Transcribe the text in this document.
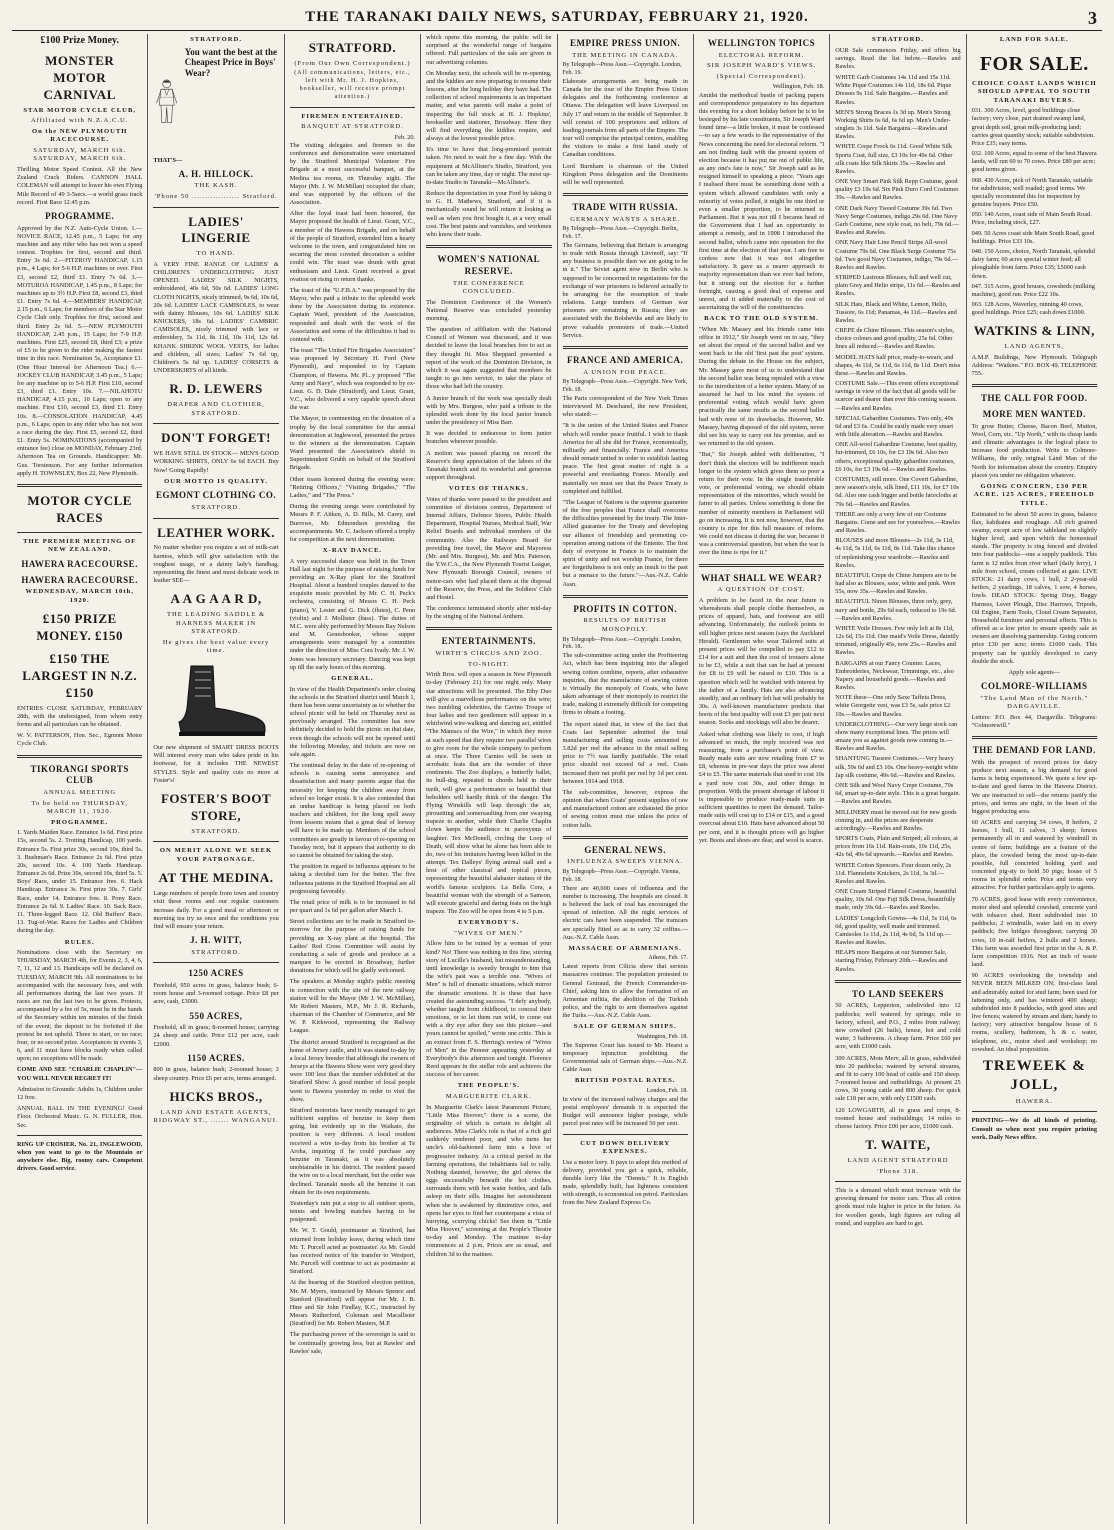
THE TARANAKI DAILY NEWS, SATURDAY, FEBRUARY 21, 1920.	3
£100 Prize Money.
MONSTER MOTOR CARNIVAL
STAR MOTOR CYCLE CLUB,
Affiliated with N.Z.A.C.U.
On the NEW PLYMOUTH RACECOURSE.
SATURDAY, MARCH 6th. SATURDAY, MARCH 6th.

Thrilling Motor Speed Contest. All the New Zealand Crack Riders. CANNON HALL COLEMAN will attempt to lower his own Flying Mile Record of 49 3-5secs.—a world grass track record. First Race 12.45 p.m.

PROGRAMME.

Approved by the N.Z. Auto-Cycle Union. 1.—NOVICE RACE, 12.45 p.m., 5 Laps; for any machine and any rider who has not won a speed contest. Trophies for first, second and third. Entry 3s 6d. 2.—FITZROY HANDICAP, 1.15 p.m., 4 Laps; for 5-6 H.P. machines or over. First £3, second £2, third £1. Entry 7s 6d. 3.—MOTUROA HANDICAP, 1.45 p.m., 8 Laps; for machines up to 3½ H.P. First £8, second £3, third £1. Entry 7s 6d. 4.—MEMBERS' HANDICAP, 2.15 p.m., 6 Laps; for members of the Star Motor Cycle Club only. Trophies for first, second and third. Entry 2s 6d. 5.—NEW PLYMOUTH HANDICAP, 2.45 p.m., 15 Laps; for 7-9 H.P. machines. First £25, second £8, third £3; a prize of £5 to be given to the rider making the fastest time in this race. Nomination 5s, Acceptance £1. (One Hour Interval for Afternoon Tea.) 6.—JOCKEY CLUB HANDICAP, 3.45 p.m., 5 Laps; for any machine up to 5-6 H.P. First £10, second £3, third £1. Entry 10s. 7.—NILAHOTU HANDICAP, 4.15 p.m., 10 Laps; open to any machine. First £10, second £3, third £1. Entry 10s. 8.—CONSOLATION HANDICAP, 4.45 p.m., 6 Laps; open to any rider who has not won a race during the day. First £5, second £2, third £1. Entry 5s. NOMINATIONS (accompanied by entrance fee) close on MONDAY, February 23rd. Afternoon Tea on Grounds. Handicapper: Mr. Gus. Torstenson. For any further information apply H. TOWNSLEY, Box 22, New Plymouth.

MOTOR CYCLE RACES
THE PREMIER MEETING OF NEW ZEALAND.
HAWERA RACECOURSE.
HAWERA RACECOURSE.
WEDNESDAY, MARCH 10th, 1920.
£150 PRIZE MONEY. £150
£150 THE LARGEST IN N.Z. £150

ENTRIES CLOSE SATURDAY, FEBRUARY 28th, with the undersigned, from whom entry forms and all particulars can be obtained.

W. V. PATTERSON, Hon. Sec., Egmont Motor Cycle Club.

TIKORANGI SPORTS CLUB
ANNUAL MEETING
To be held on THURSDAY, MARCH 11, 1920.
PROGRAMME.

1. Yards Maiden Race. Entrance 1s 6d. First prize 15s, second 5s. 2. Trotting Handicap, 100 yards. Entrance 5s. First prize 30s, second 10s, third 5s. 3. Bushman's Race. Entrance 2s 6d. First prize 20s, second 10s. 4. 100 Yards Handicap. Entrance 2s 6d. Prize 30s, second 10s, third 5s. 5. Boys' Race, under 15. Entrance free. 6. Hack Handicap. Entrance 3s. First prize 30s. 7. Girls' Race, under 14. Entrance free. 8. Pony Race. Entrance 2s 6d. 9. Ladies' Race. 10. Sack Race. 11. Three-legged Race. 12. Old Buffers' Race. 13. Tug-of-War. Races for Ladies and Children during the day.

RULES.

Nominations close with the Secretary on THURSDAY, MARCH 4th, for Events 2, 3, 4, 6, 7, 11, 12 and 13. Handicaps will be declared on TUESDAY, MARCH 9th. All nominations to be accompanied with the necessary fees, and with all performances during the last two years. If races are run the last two to be given. Protests, accompanied by a fee of 5s, must be in the hands of the Secretary within ten minutes of the finish of the event; the deposit to be forfeited if the protest be not upheld. Three to start, or no race; four, or no second prize. Acceptances in events 3, 6, and 11 must have blocks ready when called upon; no exceptions will be made.

COME AND SEE "CHARLIE CHAPLIN"—YOU WILL NEVER REGRET IT!

Admission to Grounds: Adults 1s, Children under 12 free.

ANNUAL BALL IN THE EVENING! Good Floor. Orchestral Music. G. N. FULLER, Hon. Sec.

RING UP CROSIER, No. 21, INGLEWOOD, when you want to go to the Mountain or anywhere else. Big, roomy cars. Competent drivers. Good service.

STRATFORD.
You want the best at the Cheapest Price in Boys' Wear?
THAT'S—
A. H. HILLOCK.
THE KASH.
'Phone 50 .................. Stratford.
LADIES' LINGERIE
TO HAND.

A VERY FINE RANGE OF LADIES' & CHILDREN'S UNDERCLOTHING JUST OPENED. LADIES' SILK NIGHTS, embroidered, 40s 6d, 50s 6d. LADIES' LONG CLOTH NIGHTS, nicely trimmed, 9s 6d, 10s 6d, 20s 6d. LADIES' LACE CAMISOLES, to wear with dainty Blouses, 10s 6d. LADIES' SILK KNICKERS, 18s 6d. LADIES' CAMBRIC CAMISOLES, nicely trimmed with lace or embroidery, 5s 11d, 8s 11d, 10s 11d, 12s 6d. KHANK SHRINK WOOL VESTS, for ladies and children, all sizes; Ladies' 7s 6d up, Children's 5s 6d up. LADIES' CORSETS & UNDERSKIRTS of all kinds.

R. D. LEWERS
DRAPER AND CLOTHIER, STRATFORD.
DON'T FORGET!

WE HAVE STILL IN STOCK— MEN'S GOOD WORKING SHIRTS, ONLY 6s 6d EACH. Buy Now! Going Rapidly!

OUR MOTTO IS QUALITY.
EGMONT CLOTHING CO.
STRATFORD.
LEATHER WORK.

No matter whether you require a set of milk-cart harness, which will give satisfaction with the roughest usage, or a dainty lady's handbag, representing the finest and most delicate work in leather SEE—

A A G A A R D,
THE LEADING SADDLE & HARNESS MAKER IN STRATFORD.
He gives the best value every time.

Our new shipment of SMART DRESS BOOTS Will interest every man who takes pride in his footwear, for it includes THE NEWEST STYLES. Style and quality cuts no more at Foster's!

FOSTER'S BOOT STORE,
STRATFORD.
ON MERIT ALONE WE SEEK YOUR PATRONAGE.
AT THE MEDINA.

Large numbers of people from town and country visit these rooms and our regular customers increase daily. For a good meal or afternoon or morning tea try us once and the conditions you find will ensure your return.

J. H. WITT,
STRATFORD.
1250 ACRES

Freehold, 950 acres in grass, balance bush; 6-room house and 3-roomed cottage. Price £8 per acre, cash, £3000.

550 ACRES,

Freehold, all in grass; 8-roomed house; carrying 24 sheep and cattle. Price £12 per acre, cash £2000.

1150 ACRES.

800 in grass, balance bush; 2-roomed house; 3 sheep country. Price £6 per acre, terms arranged.

HICKS BROS.,
LAND AND ESTATE AGENTS, RIDGWAY ST., ....... WANGANUI.
STRATFORD.
(From Our Own Correspondent.)
(All communications, letters, etc., left with Mr. H. J. Hopkins, bookseller, will receive prompt attention.)
FIREMEN ENTERTAINED.
BANQUET AT STRATFORD.
Feb. 20.

The visiting delegates and firemen to the conference and demonstration were entertained by the Stratford Municipal Volunteer Fire Brigade at a most successful banquet, at the Medina tea rooms, on Thursday night. The Mayor (Mr. J. W. McMillan) occupied the chair, and was supported by the officers of the Association.

After the loyal toast had been honored, the Mayor proposed the health of Lieut. Grant, V.C., a member of the Hawera Brigade, and on behalf of the people of Stratford, extended him a hearty welcome to the town, and congratulated him on securing the most coveted decoration a soldier could win. The toast was drunk with great enthusiasm and Lieut. Grant received a great ovation on rising to return thanks.

The toast of the "U.F.B.A." was proposed by the Mayor, who paid a tribute to the splendid work done by the Association during its existence. Captain Ward, president of the Association, responded and dealt with the work of the Association and some of the difficulties it had to contend with.

The toast "The United Fire Brigades Association" was proposed by Secretary H. Ford (New Plymouth), and responded to by Captain Champion, of Hawera. Mr. Pl...y proposed "The Army and Navy", which was responded to by ex-Lieut. G. D. Dale (Stratford), and Lieut. Grant, V.C., who delivered a very capable speech about the war.

The Mayor, in commenting on the donation of a trophy by the local committee for the annual demonstration at Inglewood, presented the prizes to the winners at the demonstration. Captain Ward presented the Association's shield to Superintendent Gruhh on behalf of the Stratford Brigade.

Other toasts honored during the evening were: "Retiring Officers," "Visiting Brigades," "The Ladies," and "The Press."

During the evening songs were contributed by Messrs P. F. Aitken, A. D. Bills, M. Carey, and Burrows, Mr. Edmondson providing the accompaniments. Mr. C. Jackson offered a trophy for competition at the next demonstration.

X-RAY DANCE.

A very successful dance was held in the Town Hall last night for the purpose of raising funds for providing an X-Ray plant for the Stratford Hospital. About a hundred couples danced to the exquisite music provided by Mr. C. H. Peck's orchestra, consisting of Messrs C. H. Peck (piano), V. Lester and G. Dick (flutes), C. Penn (violin) and J. Mollister (bass). The duties of M.C. were ably performed by Messrs Ray Nelson and M. Genesbooker, whose supper arrangements were managed by a committee under the direction of Miss Cora Ivady. Mr. J. W. Jones was honorary secretary. Dancing was kept up till the early hours of this morning.

GENERAL.

In view of the Health Department's order closing the schools in the Stratford district until March 1, there has been some uncertainty as to whether the school picnic will be held on Thursday next as previously arranged. The committee has now definitely decided to hold the picnic on that date, even though the schools will not be opened until the following Monday, and tickets are now on sale again.

The continual delay in the date of re-opening of schools is causing some annoyance and dissatisfaction and many parents argue that the necessity for keeping the children away from school no longer exists. It is also contended that an undue handicap is being placed on both teachers and children, for the long spell away from lessons means that a great deal of leeway will have to be made up. Members of the school committees are greatly in favour of re-opening on Tuesday next, but it appears that authority to do so cannot be obtained for taking the step.

The position in regard to influenza appears to be taking a decided turn for the better. The five influenza patients in the Stratford Hospital are all progressing favorably.

The retail price of milk is to be increased to 6d per quart and 1s 6d per gallon after March 1.

Street collections are to be made in Stratford to-morrow for the purpose of raising funds for providing an X-ray plant at the hospital. The Ladies' Red Cross Committee will assist by conducting a sale of goods and produce at a marquee to be erected in Broadway, further donations for which will be gladly welcomed.

The speakers at Monday night's public meeting in connection with the site of the new railway station will be the Mayor (Mr J. W. McMillan), Mr Robert Masters, M.P., Mr J. R. Richards, chairman of the Chamber of Commerce, and Mr W. P. Kirkwood, representing the Railway League.

The district around Stratford is recognised as the home of Jersey cattle, and it was stated to-day by a local Jersey breeder that although the owners of Jerseys at the Hawera Show were very good they were 100 less than the number exhibited at the Stratford Show. A good number of local people went to Hawera yesterday in order to visit the show.

Stratford motorists have mostly managed to get sufficient supplies of benzine to keep them going, but evidently up in the Waikato, the position is very different. A local resident received a wire to-day from his brother at Te Aroha, inquiring if he could purchase any benzine in Taranaki, as it was absolutely unobtainable in his district. The resident passed the wire on to a local merchant, but the order was declined. Taranaki needs all the benzine it can obtain for its own requirements.

Yesterday's rain put a stop to all outdoor sports, tennis and bowling matches having to be postponed.

Mr. W. T. Gould, postmaster at Stratford, has returned from holiday leave, during which time Mr. T. Purcell acted as postmaster. As Mr. Gould has received notice of his transfer to Westport, Mr. Purcell will continue to act as postmaster at Stratford.

At the hearing of the Stratford election petition, Mr. M. Myers, instructed by Messrs Spence and Stanford (Stratford) will appear for Mr. J. B. Hine and Sir John Findlay, K.C., instructed by Messrs Rutherford, Coleman and Macallister (Stratford) for Mr. Robert Masters, M.P.

The purchasing power of the sovereign is said to be continually growing less, but at Rawles' and Rawles' sale,

which opens this morning, the public will be surprised at the wonderful range of bargains offered. Full particulars of the sale are given in our advertising columns.

On Monday next, the schools will be re-opening, and the kiddies are now preparing to resume their lessons, after the long holiday they have had. The collection of school requirements is an important matter, and wise parents will make a point of inspecting the full stock at H. J. Hopkins', bookseller and stationer, Broadway. Here they will find everything the kiddies require, and always at the lowest possible price.

It's time to have that long-promised portrait taken. No need to wait for a fine day. With the equipment at McAllister's Studio, Stratford, you can be taken any time, day or night. The most up-to-date Studio in Taranaki—McAllister's.

Reduce the depreciation in your Ford by taking it to G. H. Mathews, Stratford, and if it is mechanically sound he will return it looking as well as when you first bought it, at a very small cost. The best paints and varnishes, and workmen who know their trade.

WOMEN'S NATIONAL RESERVE.
THE CONFERENCE CONCLUDED.

The Dominion Conference of the Women's National Reserve was concluded yesterday morning.

The question of affiliation with the National Council of Women was discussed, and it was decided to leave the local branches free to act as they thought fit. Miss Sheppard presented a report of the work of the Dominion Division, in which it was again suggested that members be taught to go into service, to take the place of those who had left the country.

A Junior branch of the work was specially dealt with by Mrs. Burgess, who paid a tribute to the splendid work done by the local junior branch under the presidency of Miss Barr.

It was decided to endeavour to form junior branches wherever possible.

A motion was passed placing on record the Reserve's deep appreciation of the labors of the Taranaki branch and its wonderful and generous support throughout.

VOTES OF THANKS.

Votes of thanks were passed to the president and committee of divisions centres, Department of Internal Affairs, Defence Stores, Public Health Department, Hospital Nurses, Medical Staff, War Relief Boards and individual members of the community. Also the Railways Board for providing free travel, the Mayor and Mayoress (Mr. and Mrs. Burgess), Mr. and Mrs. Paterson, the Y.W.C.A., the New Plymouth Tourist League, New Plymouth Borough Council, owners of motor-cars who had placed them at the disposal of the Reserve, the Press, and the Soldiers' Club and Hostel.

The conference terminated shortly after mid-day by the singing of the National Anthem.

ENTERTAINMENTS.
WIRTH'S CIRCUS AND ZOO.
TO-NIGHT.

Wirth Bros. will open a season in New Plymouth to-day (February 21) for one night only. Many star attractions will be presented. The Ethy Duo will give a marvellous performance on the wire; two tumbling celebrities, the Cavino Troupe of four ladies and two gentlemen will appear in a whirlwind wire-walking and dancing act, entitled "The Maniacs of the Wire," in which they move at such speed that they require two parallel wires to give room for the whole company to perform at once. The Three Carnies will be seen in acrobatic feats that are the wonder of three continents. The Zoo displays, a butterfly ballet, its bull-dog, repeated in chords held in their teeth, will give a performance so beautiful that beholders will hardly think of the danger. The Flying Winskills will leap through the air, pirouetting and somersaulting from one swaying trapeze to another, while their Charlie Chaplin clown keeps the audience in paroxysms of laughter. Tex McDonell, circling the Loop of Death, will show what he alone has been able to do, two of his imitators having been killed in the attempt. Tex Dalleys' flying animal stall and a host of other classical and topical pieces, representing the beautiful alabaster statues of the world's famous sculptors. La Bella Cora, a beautiful woman with the strength of a Samson, will execute graceful and daring feats on the high trapeze. The Zoo will be open from 4 to 5 p.m.

EVERYBODY'S.
"WIVES OF MEN."

Allow him to be ruined by a woman of your kind? No! There was nothing in this fine, stirring story of Lucille's husband, but misunderstanding, until knowledge is sweetly brought to him that the wife's past was a terrible one. "Wives of Men" is full of dramatic situations, which mirror the dramatic emotions. It is these that have created the astounding success. "I defy anybody, whether taught from childhood, to conceal their emotions, or to let them run wild, to come out with a dry eye after they see this picture—and yours cannot be spoiled," wrote one critic. This is an extract from F. S. Herring's review of "Wives of Men" in the Pioneer appearing yesterday at Everybody's this afternoon and tonight. Florence Reed appears in the stellar role and achieves the success of her career.

THE PEOPLE'S.
MARGUERITE CLARK.

In Marguerite Clark's latest Paramount Picture, "Little Miss Hoover," there is a scene, the originality of which is certain to delight all audiences. Miss Clark's role is that of a rich girl suddenly rendered poor, and who turns her uncle's old-fashioned farm into a hive of progressive industry. At a critical period in the farming operations, the inhabitants fail to rally. Nothing daunted, however, the girl shows the eggs successfully beneath the hot clothes, surrounds them with hot water bottles, and falls asleep on their sills. Imagine her astonishment when she is awakened by diminutive cries, and opens her eyes to find her counterpane a vista of hurrying, scurrying chicks! See them in "Little Miss Hoover," screening at the People's Theatre to-day and Monday. The matinee to-day commences at 2 p.m. Prices are as usual, and children 3d to the matinee.

EMPIRE PRESS UNION.
THE MEETING IN CANADA.
By Telegraph—Press Assn.—Copyright. London, Feb. 19.

Elaborate arrangements are being made in Canada for the tour of the Empire Press Union delegates and the forthcoming conference at Ottawa. The delegation will leave Liverpool on July 17 and return in the middle of September. It will consist of 100 proprietors and editors of leading journals from all parts of the Empire. The tour will comprise the principal centres, enabling the visitors to make a first hand study of Canadian conditions.

Lord Burnham is chairman of the United Kingdom Press delegation and the Dominions will be well represented.

TRADE WITH RUSSIA.
GERMANY WANTS A SHARE.
By Telegraph—Press Assn.—Copyright. Berlin, Feb. 17.

The Germans, believing that Britain is arranging to trade with Russia through Litvinoff, say: "If any business is possible then we are going to be in it." The Soviet agent now in Berlin who is supposed to be concerned in negotiations for the exchange of war prisoners is believed actually to be arranging for the resumption of trade relations. Large numbers of German war prisoners are remaining in Russia; they are associated with the Bolsheviks and are likely to prove valuable promoters of trade.—United Service.

FRANCE AND AMERICA.
A UNION FOR PEACE.
By Telegraph—Press Assn.—Copyright. New York, Feb. 18.

The Paris correspondent of the New York Times interviewed M. Deschanel, the new President, who stated:—

"It is the union of the United States and France which will render peace fruitful. I wish to thank America for all she did for France, economically, militarily and financially. France and America should remain united in order to establish lasting peace. The first great matter of right is a powerful and everlasting France. Morally and materially we must see that the Peace Treaty is completed and fulfilled.

"The League of Nations is the supreme guarantee of the free peoples that France shall overcome the difficulties presented by the treaty. The Inter-Allied guarantee for the Treaty and developing our alliance of friendship and promoting co-operation among nations of the Entente. The first duty of everyone in France is to maintain the spirit of unity and not worship France, for there are forgetfulness is not only an insult to the past but a menace to the future."—Aus.-N.Z. Cable Assn.

PROFITS IN COTTON.
RESULTS OF BRITISH MONOPOLY.
By Telegraph—Press Assn.—Copyright. London, Feb. 18.

The sub-committee acting under the Profiteering Act, which has been inquiring into the alleged sewing cotton combine, reports, after exhaustive inquiries, that the manufacture of sewing cotton is virtually the monopoly of Coats, who have taken advantage of their monopoly to restrict the trade, making it extremely difficult for competing firms to obtain a footing.

The report stated that, in view of the fact that Coats last September admitted the total manufacturing and selling costs amounted to 3.82d per reel the advance in the retail selling price to 7½ was hardly justifiable. The retail price should not exceed 6d a reel. Coats increased their net profit per reel by 1d per cent. between 1914 and 1918.

The sub-committee, however, express the opinion that when Coats' present supplies of raw and manufactured cotton are exhausted the price of sewing cotton must rise unless the price of cotton falls.

GENERAL NEWS.
INFLUENZA SWEEPS VIENNA.
By Telegraph—Press Assn.—Copyright. Vienna, Feb. 18.

There are 40,000 cases of influenza and the number is increasing. The hospitals are closed. It is believed the lack of coal has encouraged the spread of infection. All the night services of electric cars have been suspended. The tramcars are specially fitted so as to carry 32 coffins.—Aus.-N.Z. Cable Assn.

MASSACRE OF ARMENIANS.
Athens, Feb. 17.

Latest reports from Cilicia show that serious massacres continue. The population protested to General Gouraud, the French Commander-in-Chief, asking him to allow the formation of an Armenian militia, the abolition of the Turkish police, and the right to arm themselves against the Turks.—Aus.-N.Z. Cable Assn.

SALE OF GERMAN SHIPS.
Washington, Feb. 18.

The Supreme Court has issued to Mr. Hearst a temporary injunction prohibiting the Governmental sale of German ships.—Aus.-N.Z. Cable Assn.

BRITISH POSTAL RATES.
London, Feb. 18.

In view of the increased railway charges and the postal employees' demands it is expected the Budget will announce higher postage, while parcel post rates will be increased 50 per cent.

CUT DOWN DELIVERY EXPENSES.

Use a motor lorry. It pays to adopt this method of delivery, provided you get a quick, reliable, durable lorry like the "Dennis." It is English made, splendidly built, has lightness consistent with strength, is economical on petrol. Particulars from the New Zealand Express Co.

WELLINGTON TOPICS
ELECTORAL REFORM.
SIR JOSEPH WARD'S VIEWS.
(Special Correspondent).
Wellington, Feb. 18.

Amidst the methodical bustle of packing papers and correspondence preparatory to his departure this evening for a short holiday before he is to be besieged by his late constituents, Sir Joseph Ward found time—a little broken, it must be confessed—to say a few words to the representative of the News concerning the need for electoral reform. "I am not finding fault with the present system of election because it has put me out of public life, as any one's fate is now," Sir Joseph said as he resigned himself to speaking a piece. "Years ago I realised there must be something done with a system which allowed candidates with only a minority of votes polled, it might be one third or even a smaller proportion, to be returned to Parliament. But it was not till I became head of the Government that I had an opportunity to attempt a remedy, and in 1908 I introduced the second ballot, which came into operation for the first time at the election of that year. I am free to confess now that it was not altogether satisfactory. It gave us a nearer approach to majority representation than we ever had before, but it strung out the election for a further fortnight, causing a good deal of expense and unrest, and it added materially to the cost of ascertaining the will of the constituencies.

BACK TO THE OLD SYSTEM.

"When Mr. Massey and his friends came into office in 1912," Sir Joseph went on to say, "they set about the repeal of the second ballot and we went back to the old 'first past the post' system. During the debate in the House on the subject, Mr. Massey gave most of us to understand that the second ballot was being repealed with a view to the introduction of a better system. Many of us assumed he had in his mind the system of preferential voting which would have given practically the same results as the second ballot had with none of its drawbacks. However, Mr. Massey, having disposed of the old system, never did see his way to carry out his promise, and so we returned to the old system.

"But," Sir Joseph added with deliberation, "I don't think the electors will be indifferent much longer to the system which gives them so poor a return for their vote. In the single transferable vote, or preferential voting, we should obtain representation of the minorities, which would be fairer to all parties. Unless something is done the number of minority members in Parliament will go on increasing. It is not now, however, that the country is ripe for this full measure of reform. We could not discuss it during the war, because it was a controversial question, but when the war is over the time is ripe for it."

WHAT SHALL WE WEAR?
A QUESTION OF COST.

A problem to be faced in the near future is whereabouts shall people clothe themselves, as prices of apparel, hats, and footwear are still advancing. Unfortunately, the outlook points to still higher prices next season (says the Auckland Herald). Gentlemen who wear Tailored suits at present prices will be compelled to pay £12 to £14 for a suit and then the cost of trousers alone to be £3, while a suit that can be had at present for £8 to £9 will be raised to £10. This is a question which will be watched with interest by the father of a family. Hats are also advancing steadily, and an ordinary felt hat will probably be 30s. A well-known manufacturer predicts that boots of the best quality will cost £3 per pair next season. Socks and stockings will also be dearer.

Asked what clothing was likely to cost, if high advanced so much, the reply received was not reassuring, from a purchaser's point of view. Ready made suits are now retailing from £7 to £8, whereas in pre-war days the price was about £4 to £5. The same materials that used to cost 10s a yard now cost 30s, and other things in proportion. With the present shortage of labour it is impossible to produce ready-made suits in sufficient quantities to meet the demand. Tailor-made suits will cost up to £14 or £15, and a good overcoat about £10. Hats have advanced about 50 per cent, and it is thought prices will go higher yet. Boots and shoes are dear, and wool is scarce.

STRATFORD.

OUR Sale commences Friday, and offers big savings. Read the list below.—Rawles and Rawles.

WHITE Garb Costumes 14s 11d and 15s 11d. White Pique Costumes 14s 11d, 18s 6d. Pique Dresses 9s 11d. Sale Bargains.—Rawles and Rawles.
MEN'S Strong Braces 1s 3d up. Men's Strong Working Shirts 6s 6d, 6s 6d up. Men's Under-singlets 3s 11d. Sale Bargains.—Rawles and Rawles.
WHITE Crepe Frock 6s 11d. Good White Silk Sports Coat, full size, £3 10s for 49s 6d. Other silk coats like Silk Skirts 35s.—Rawles and Rawles.
ONE Very Smart Pink Silk Repp Costume, good quality £3 19s 6d. Six Pink Duro Cord Costumes 39s.—Rawles and Rawles.
ONE Dark Navy Tweed Costume 39s 6d. Two Navy Serge Costumes, indigo 29s 6d. One Navy Garb Costume, new style coat, no belt, 79s 6d.—Rawles and Rawles.
ONE Navy Hair Line Pencil Stripe All-wool Costume 79s 6d. One Black Serge Costume 75s 6d. Two good Navy Costumes, indigo, 79s 6d.—Rawles and Rawles.
STRIPED Lustrous Blouses, full and well cut, plain Grey and Helio stripe, 11s 6d.—Rawles and Rawles.
SILK Hats, Black and White, Lemon, Helio, Tussore, 6s 11d; Panamas, 4s 11d.—Rawles and Rawles.
CREPE de Chine Blouses. This season's styles, choice colours and good quality, 25s 6d. Other lines all reduced.—Rawles and Rawles.
MODEL HATS half price, ready-to-wears, and shapes, 4s 11d, 5s 11d, 6s 11d, 8s 11d. Don't miss these.—Rawles and Rawles.
COSTUME Sale.—This event offers exceptional savings in view of the fact that all goods will be scarcer and dearer than ever this coming season.—Rawles and Rawles.
SPECIAL Gabardine Costumes. Two only, 49s 6d and £3 6s. Could be easily made very smart with little alteration.—Rawles and Rawles.
ONE All-wool Gabardine Costume, best quality, fur-trimmed, £6 10s, for £3 19s 6d. Also two others, exceptional quality gabardine costumes, £6 10s, for £3 19s 6d.—Rawles and Rawles.
COSTUMES, still more. One Covert Gabardine, new season's style, silk lined, £11 10s, for £7 10s 6d. Also one cash bigger and bottle facecloths at 79s 6d.—Rawles and Rawles.
THERE are only a very few of our Costume Bargains. Come and see for yourselves.—Rawles and Rawles.
BLOUSES and more Blouses—2s 11d, 3s 11d, 4s 11d, 5s 11d, 6s 11d, 8s 11d. Take this chance of replenishing your wardrobe.—Rawles and Rawles.
BEAUTIFUL Crepe de Chine Jumpers are to be had also as Blouses, saxe, white and pink. Were 55s, now 35s.—Rawles and Rawles.
BEAUTIFUL Ninon Blouses, three only, grey, navy and bottle, 29s 6d each, reduced to 19s 6d.—Rawles and Rawles.
WHITE Voile Dresses. Few only left at 8s 11d, 12s 6d, 15s 11d. One maid's Voile Dress, daintily trimmed, originally 45s, now 25s.—Rawles and Rawles.
BARGAINS at our Fancy Counter. Laces, Embroideries, Neckwear, Trimmings, etc., also Napery and household goods.—Rawles and Rawles.
NOTE these—One only Saxe Taffeta Dress, white Georgette vest, was £3 5s, sale price £2 10s.—Rawles and Rawles.
UNDERCLOTHING—Our very large stock can show many exceptional lines. The prices will amaze you as against goods now coming in.—Rawles and Rawles.
SHANTUNG Tussore Costumes.—Very heavy silk, 59s 6d and £3 10s. One heavy-weight white Jap silk costume, 49s 6d.—Rawles and Rawles.
ONE Silk and Wool Navy Crepe Costume, 79s 6d, smart up-to-date style. This is a great bargain.—Rawles and Rawles.
MILLINERY must be moved out for new goods coming in, and the prices are desperate accordingly.—Rawles and Rawles.
SPORTS Coats, Plain and Striped; all colours, at prices from 16s 11d. Rain-coats, 10s 11d, 25s, 42s 6d, 49s 6d upwards.—Rawles and Rawles.
WHITE Cotton Spencers. Four dozen only, 2s 11d. Flannelette Knickers, 2s 11d, 3s 3d.—Rawles and Rawles.
ONE Cream Striped Flannel Costume, beautiful quality, 10s 6d. One Fuji Silk Dress, beautifully made, only 39s 6d.—Rawles and Rawles.
LADIES' Longcloth Gowns—4s 11d, 5s 11d, 6s 6d, good quality, well made and trimmed. Camisoles 1s 11d, 2s 11d, 4s 6d, 5s 11d up.—Rawles and Rawles.
HEAPS more Bargains at our Summer Sale, starting Friday, February 20th.—Rawles and Rawles.
TO LAND SEEKERS

50 ACRES, Lepperton, subdivided into 12 paddocks; well watered by springs; mile to factory, school, and P.O., 2 miles from railway; new cowshed (26 bails), house, hot and cold water, 3 bathrooms. A cheap farm. Price £60 per acre, with £1000 cash.

300 ACRES, Mote Merv, all in grass, subdivided into 20 paddocks; watered by several streams, and fit to carry 100 head of cattle and 150 sheep. 7-roomed house and outbuildings. At present 25 cows, 30 young cattle and 800 sheep. For quick sale £18 per acre, with only £1500 cash.

120 LOWGARTH, all in grass and crops, 8-roomed house and outbuildings; 14 miles to cheese factory. Price £00 per acre, £1000 cash.

T. WAITE,
LAND AGENT STRATFORD
'Phone 318.

This is a demand which must increase with the growing demand for motor cars. Thus all cotton goods must rule higher in price in the future. As for woollen goods, high figures are ruling all round, and supplies are hard to get.

LAND FOR SALE.
FOR SALE.
CHOICE COAST LANDS WHICH SHOULD APPEAL TO SOUTH TARANAKI BUYERS.
031. 300 Acres, level, good buildings close factory; very close, part drained swamp land, great depth soil, great milk-producing land; carries great quantity stock; suitable subdivision. Price £35; easy terms.
032. 100 Acres, equal to some of the best Hawera lands, will run 60 to 70 cows. Price £80 per acre; good terms given.
068. 430 Acres, pick of North Taranaki, suitable for subdivision; well roaded; good terms. We specially recommend this for inspection by genuine buyers. Price £50.
050. 140 Acres, coast side of Main South Road. Price, including stock, £27.
049. 50 Acres coast side Main South Road, good buildings. Price £33 10s.
048. 150 Acres, choice, North Taranaki, splendid dairy farm; 60 acres special winter feed; all ploughable from farm. Price £35; £5000 cash down.
047. 315 Acres, good houses, cowsheds (milking machine), good run. Price £22 10s.
063. 128 Acres, Waverley, running 40 cows, good buildings. Price £25; cash down £1000.
WATKINS & LINN,
LAND AGENTS,

A.M.P. Buildings, New Plymouth. Telegraph Address: "Watkins." P.O. BOX 49. TELEPHONE 755.

THE CALL FOR FOOD.
MORE MEN WANTED.

To grow Butter, Cheese, Bacon Beef, Mutton, Wool, Corn, etc. "Up North," with its cheap lands and climatic advantages is the logical place to increase food production. Write to Colmore-Williams, the only original Land Man of the North for information about the country. Enquiry places you under no obligation whatever.

GOING CONCERN, £30 PER ACRE. 125 ACRES, FREEHOLD TITLE.

Estimated to be about 50 acres in grass, balance flax, kahikatea and roughage. All rich grained swamp, except acre of low tableland on slightly higher level, and upon which the homestead stands. The property is ring fenced and divided into four paddocks—one a supply paddock. This farm is 12 miles from river wharf (daily ferry), 1 mile from school, cream collected at gate. LIVE STOCK: 21 dairy cows, 1 bull, 2 2-year-old heifers, 2 yearlings, 18 calves, 1 sow, 4 horses, fowls. DEAD STOCK: Spring Dray, Buggy Harness, Lever Plough, Disc Harrows, Tripods, Oil Engine, Farm Tools, Cloud Cream Separator, Household furniture and personal effects. This is offered as a low price to ensure speedy sale as owners are dissolving partnership. Going concern price £30 per acre; terms £1000 cash. This property can be quickly developed to carry double the stock.

Apply sole agents—
COLMORE-WILLIAMS
"The Land Man of the North." DARGAVILLE.

Letters: P.O. Box 44, Dargaville. Telegrams: "Colmorewill."

THE DEMAND FOR LAND.

With the prospect of record prices for dairy produce next season, a big demand for good farms is being experienced. We quote a few up-to-date and good farms in the Hawera District. We are instructed to sell—the returns justify the prices, and terms are right, in the heart of the biggest producing area.

60 ACRES and carrying 34 cows, 8 heifers, 2 horses, 1 bull, 11 calves, 3 sheep; fences permanently all in and watered by windmill in centre of farm; buildings are a feature of the place, the cowshed being the most up-to-date possible, full concreted holding yard and concreted pig-sty to hold 50 pigs; house of 5 rooms in splendid order. Price and terms very attractive. For further particulars apply to agents.

70 ACRES, good lease with every convenience, motor shed and splendid cowshed, concrete yard with tobacco shed. Rent subdivided into 10 paddocks; 2 windmills, water laid on in every paddock; five bridges throughout; carrying 30 cows, 10 in-calf heifers, 2 bulls and 2 horses. This farm was awarded first prize in the A. & P. farm competition 1916. Not an inch of waste land.

90 ACRES overlooking the township and NEVER BEEN MILKED ON; first-class land and admirably suited for stud farm; been used for fattening only, and has wintered 400 sheep; subdivided into 8 paddocks, with good sites and live fences; watered by stream and dam; handy to factory; very attractive bungalow house of 6 rooms, scullery, bathroom, h. & c. water, telephone, etc., motor shed and workshop; no cowshed. An ideal proposition.

TREWEEK & JOLL,
HAWERA.

PRINTING—We do all kinds of printing. Consult us when next you require printing work. Daily News office.
